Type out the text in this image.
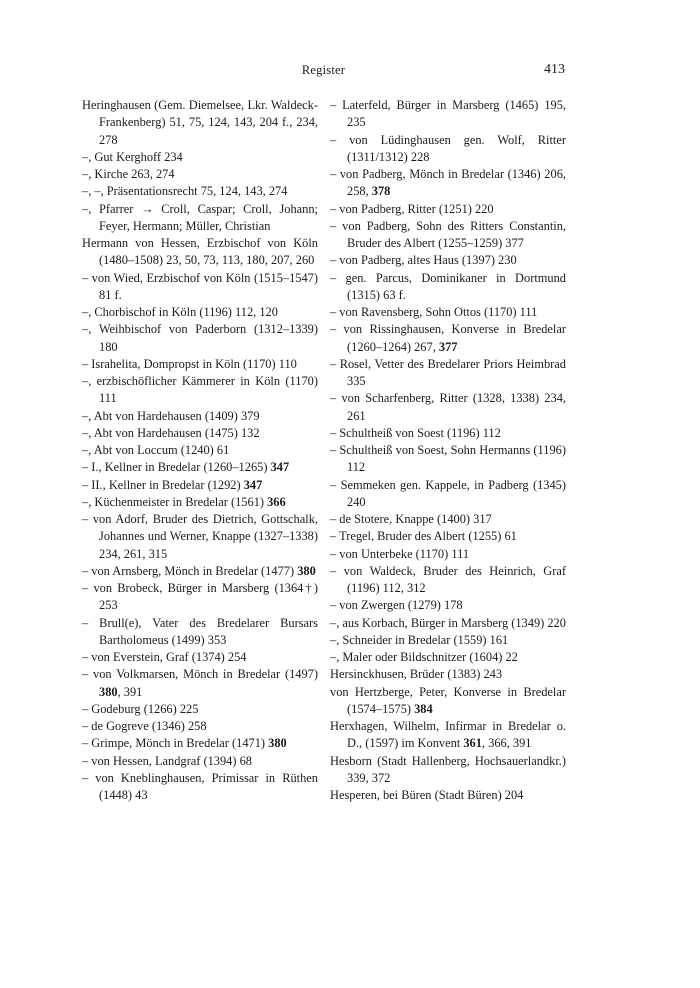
Register	413

Heringhausen (Gem. Diemelsee, Lkr. Waldeck-Frankenberg) 51, 75, 124, 143, 204 f., 234, 278

–, Gut Kerghoff 234

–, Kirche 263, 274

–, –, Präsentationsrecht 75, 124, 143, 274

–, Pfarrer → Croll, Caspar; Croll, Johann; Feyer, Hermann; Müller, Christian

Hermann von Hessen, Erzbischof von Köln (1480–1508) 23, 50, 73, 113, 180, 207, 260

– von Wied, Erzbischof von Köln (1515–1547) 81 f.

–, Chorbischof in Köln (1196) 112, 120

–, Weihbischof von Paderborn (1312–1339) 180

– Israhelita, Dompropst in Köln (1170) 110

–, erzbischöflicher Kämmerer in Köln (1170) 111

–, Abt von Hardehausen (1409) 379

–, Abt von Hardehausen (1475) 132

–, Abt von Loccum (1240) 61

– I., Kellner in Bredelar (1260–1265) 347

– II., Kellner in Bredelar (1292) 347

–, Küchenmeister in Bredelar (1561) 366

– von Adorf, Bruder des Dietrich, Gottschalk, Johannes und Werner, Knappe (1327–1338) 234, 261, 315

– von Arnsberg, Mönch in Bredelar (1477) 380

– von Brobeck, Bürger in Marsberg (1364†) 253

– Brull(e), Vater des Bredelarer Bursars Bartholomeus (1499) 353

– von Everstein, Graf (1374) 254

– von Volkmarsen, Mönch in Bredelar (1497) 380, 391

– Godeburg (1266) 225

– de Gogreve (1346) 258

– Grimpe, Mönch in Bredelar (1471) 380

– von Hessen, Landgraf (1394) 68

– von Kneblinghausen, Primissar in Rüthen (1448) 43

– Laterfeld, Bürger in Marsberg (1465) 195, 235

– von Lüdinghausen gen. Wolf, Ritter (1311/1312) 228

– von Padberg, Mönch in Bredelar (1346) 206, 258, 378

– von Padberg, Ritter (1251) 220

– von Padberg, Sohn des Ritters Constantin, Bruder des Albert (1255–1259) 377

– von Padberg, altes Haus (1397) 230

– gen. Parcus, Dominikaner in Dortmund (1315) 63 f.

– von Ravensberg, Sohn Ottos (1170) 111

– von Rissinghausen, Konverse in Bredelar (1260–1264) 267, 377

– Rosel, Vetter des Bredelarer Priors Heimbrad 335

– von Scharfenberg, Ritter (1328, 1338) 234, 261

– Schultheiß von Soest (1196) 112

– Schultheiß von Soest, Sohn Hermanns (1196) 112

– Semmeken gen. Kappele, in Padberg (1345) 240

– de Stotere, Knappe (1400) 317

– Tregel, Bruder des Albert (1255) 61

– von Unterbeke (1170) 111

– von Waldeck, Bruder des Heinrich, Graf (1196) 112, 312

– von Zwergen (1279) 178

–, aus Korbach, Bürger in Marsberg (1349) 220

–, Schneider in Bredelar (1559) 161

–, Maler oder Bildschnitzer (1604) 22

Hersinckhusen, Brüder (1383) 243

von Hertzberge, Peter, Konverse in Bredelar (1574–1575) 384

Herxhagen, Wilhelm, Infirmar in Bredelar o. D., (1597) im Konvent 361, 366, 391

Hesborn (Stadt Hallenberg, Hochsauerlandkr.) 339, 372

Hesperen, bei Büren (Stadt Büren) 204
